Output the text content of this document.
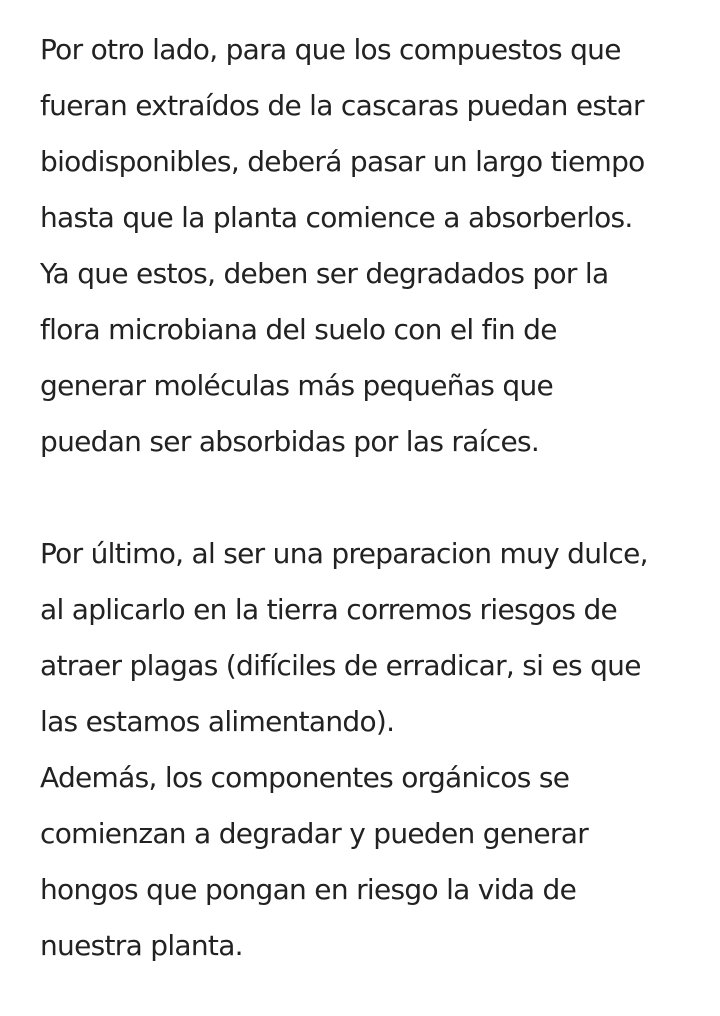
Por otro lado, para que los compuestos que
fueran extraídos de la cascaras puedan estar
biodisponibles, deberá pasar un largo tiempo
hasta que la planta comience a absorberlos.
Ya que estos, deben ser degradados por la
flora microbiana del suelo con el fin de
generar moléculas más pequeñas que
puedan ser absorbidas por las raíces.
Por último, al ser una preparacion muy dulce,
al aplicarlo en la tierra corremos riesgos de
atraer plagas (difíciles de erradicar, si es que
las estamos alimentando).
Además, los componentes orgánicos se
comienzan a degradar y pueden generar
hongos que pongan en riesgo la vida de
nuestra planta.
